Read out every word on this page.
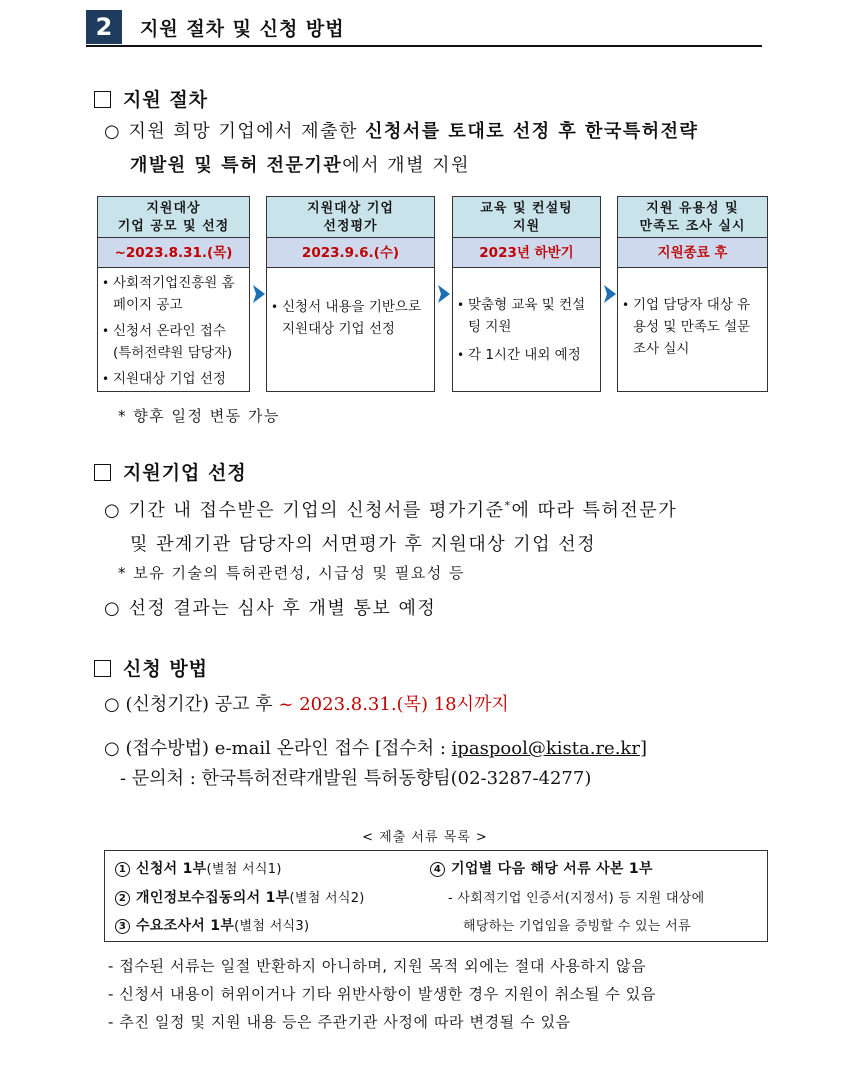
2	지원 절차 및 신청 방법
지원 절차
○ 지원 희망 기업에서 제출한 신청서를 토대로 선정 후 한국특허전략
개발원 및 특허 전문기관에서 개별 지원
지원대상
기업 공모 및 선정
~2023.8.31.(목)
• 사회적기업진흥원 홈페이지 공고
• 신청서 온라인 접수 (특허전략원 담당자)
• 지원대상 기업 선정
지원대상 기업
선정평가
2023.9.6.(수)
• 신청서 내용을 기반으로 지원대상 기업 선정
교육 및 컨설팅
지원
2023년 하반기
• 맞춤형 교육 및 컨설팅 지원
• 각 1시간 내외 예정
지원 유용성 및
만족도 조사 실시
지원종료 후
• 기업 담당자 대상 유용성 및 만족도 설문조사 실시
* 향후 일정 변동 가능
지원기업 선정
○ 기간 내 접수받은 기업의 신청서를 평가기준*에 따라 특허전문가
및 관계기관 담당자의 서면평가 후 지원대상 기업 선정
* 보유 기술의 특허관련성, 시급성 및 필요성 등
○ 선정 결과는 심사 후 개별 통보 예정
신청 방법
○ (신청기간) 공고 후 ~ 2023.8.31.(목) 18시까지
○ (접수방법) e-mail 온라인 접수 [접수처 : ipaspool@kista.re.kr]
- 문의처 : 한국특허전략개발원 특허동향팀(02-3287-4277)
< 제출 서류 목록 >
1 신청서 1부(별첨 서식1)
2 개인정보수집동의서 1부(별첨 서식2)
3 수요조사서 1부(별첨 서식3)
4 기업별 다음 해당 서류 사본 1부
- 사회적기업 인증서(지정서) 등 지원 대상에
해당하는 기업임을 증빙할 수 있는 서류
- 접수된 서류는 일절 반환하지 아니하며, 지원 목적 외에는 절대 사용하지 않음
- 신청서 내용이 허위이거나 기타 위반사항이 발생한 경우 지원이 취소될 수 있음
- 추진 일정 및 지원 내용 등은 주관기관 사정에 따라 변경될 수 있음
